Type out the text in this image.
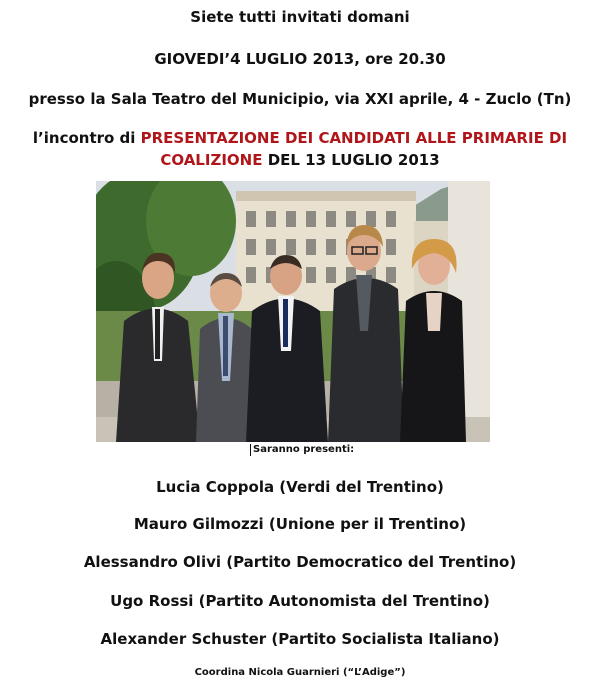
Siete tutti invitati domani
GIOVEDI’4 LUGLIO 2013, ore 20.30
presso la Sala Teatro del Municipio, via XXI aprile, 4 - Zuclo (Tn)
l’incontro di PRESENTAZIONE DEI CANDIDATI ALLE PRIMARIE DI
COALIZIONE DEL 13 LUGLIO 2013
Saranno presenti:
Lucia Coppola (Verdi del Trentino)
Mauro Gilmozzi (Unione per il Trentino)
Alessandro Olivi (Partito Democratico del Trentino)
Ugo Rossi (Partito Autonomista del Trentino)
Alexander Schuster (Partito Socialista Italiano)
Coordina Nicola Guarnieri (“L’Adige”)
